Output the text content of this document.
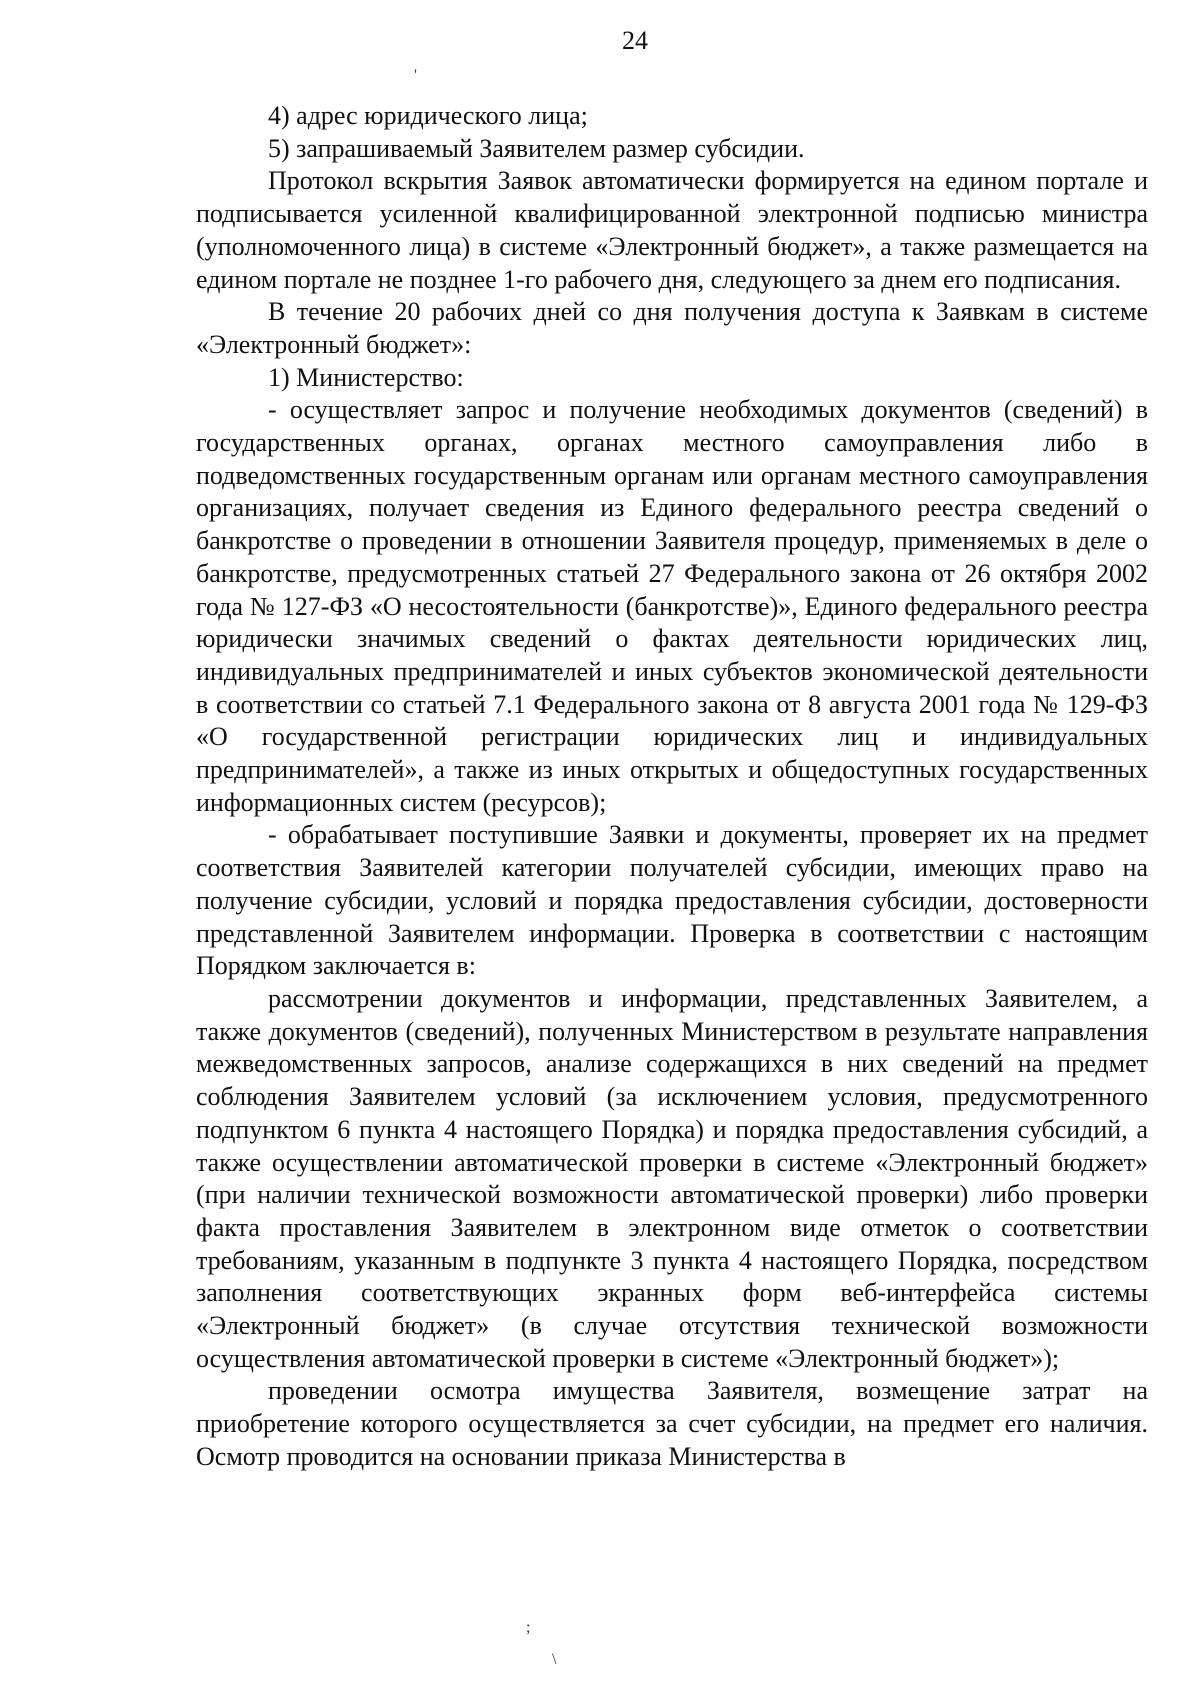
24
'

4) адрес юридического лица;

5) запрашиваемый Заявителем размер субсидии.

Протокол вскрытия Заявок автоматически формируется на едином портале и подписывается усиленной квалифицированной электронной подписью министра (уполномоченного лица) в системе «Электронный бюджет», а также размещается на едином портале не позднее 1-го рабочего дня, следующего за днем его подписания.

В течение 20 рабочих дней со дня получения доступа к Заявкам в системе «Электронный бюджет»:

1) Министерство:

- осуществляет запрос и получение необходимых документов (сведений) в государственных органах, органах местного самоуправления либо в подведомственных государственным органам или органам местного самоуправления организациях, получает сведения из Единого федерального реестра сведений о банкротстве о проведении в отношении Заявителя процедур, применяемых в деле о банкротстве, предусмотренных статьей 27 Федерального закона от 26 октября 2002 года № 127-ФЗ «О несостоятельности (банкротстве)», Единого федерального реестра юридически значимых сведений о фактах деятельности юридических лиц, индивидуальных предпринимателей и иных субъектов экономической деятельности в соответствии со статьей 7.1 Федерального закона от 8 августа 2001 года № 129-ФЗ «О государственной регистрации юридических лиц и индивидуальных предпринимателей», а также из иных открытых и общедоступных государственных информационных систем (ресурсов);

- обрабатывает поступившие Заявки и документы, проверяет их на предмет соответствия Заявителей категории получателей субсидии, имеющих право на получение субсидии, условий и порядка предоставления субсидии, достоверности представленной Заявителем информации. Проверка в соответствии с настоящим Порядком заключается в:

рассмотрении документов и информации, представленных Заявителем, а также документов (сведений), полученных Министерством в результате направления межведомственных запросов, анализе содержащихся в них сведений на предмет соблюдения Заявителем условий (за исключением условия, предусмотренного подпунктом 6 пункта 4 настоящего Порядка) и порядка предоставления субсидий, а также осуществлении автоматической проверки в системе «Электронный бюджет» (при наличии технической возможности автоматической проверки) либо проверки факта проставления Заявителем в электронном виде отметок о соответствии требованиям, указанным в подпункте 3 пункта 4 настоящего Порядка, посредством заполнения соответствующих экранных форм веб-интерфейса системы «Электронный бюджет» (в случае отсутствия технической возможности осуществления автоматической проверки в системе «Электронный бюджет»);

проведении осмотра имущества Заявителя, возмещение затрат на приобретение которого осуществляется за счет субсидии, на предмет его наличия. Осмотр проводится на основании приказа Министерства в

;
\
